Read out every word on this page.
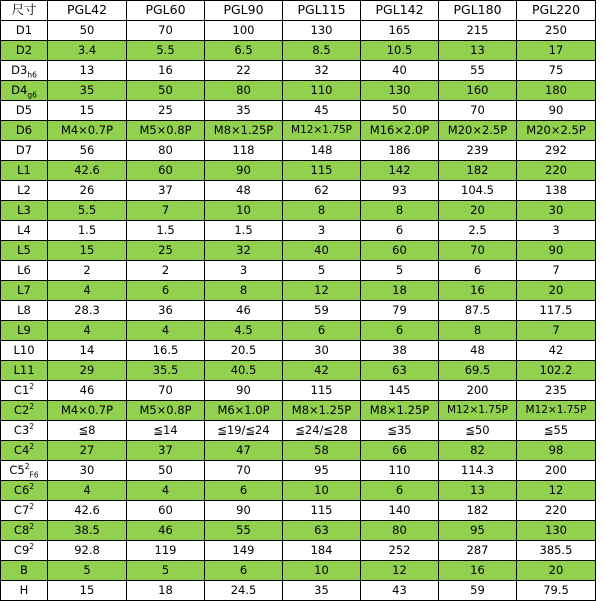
尺寸	PGL42	PGL60	PGL90	PGL115	PGL142	PGL180	PGL220
D1	50	70	100	130	165	215	250
D2	3.4	5.5	6.5	8.5	10.5	13	17
$D3_{h6}$	13	16	22	32	40	55	75
$D4_{g6}$	35	50	80	110	130	160	180
D5	15	25	35	45	50	70	90
D6	M4×0.7P	M5×0.8P	M8×1.25P	M12×1.75P	M16×2.0P	M20×2.5P	M20×2.5P
D7	56	80	118	148	186	239	292
L1	42.6	60	90	115	142	182	220
L2	26	37	48	62	93	104.5	138
L3	5.5	7	10	8	8	20	30
L4	1.5	1.5	1.5	3	6	2.5	3
L5	15	25	32	40	60	70	90
L6	2	2	3	5	5	6	7
L7	4	6	8	12	18	16	20
L8	28.3	36	46	59	79	87.5	117.5
L9	4	4	4.5	6	6	8	7
L10	14	16.5	20.5	30	38	48	42
L11	29	35.5	40.5	42	63	69.5	102.2
$C1^2$	46	70	90	115	145	200	235
$C2^2$	M4×0.7P	M5×0.8P	M6×1.0P	M8×1.25P	M8×1.25P	M12×1.75P	M12×1.75P
$C3^2$	≦8	≦14	≦19/≦24	≦24/≦28	≦35	≦50	≦55
$C4^2$	27	37	47	58	66	82	98
$C5^2_{F6}$	30	50	70	95	110	114.3	200
$C6^2$	4	4	6	10	6	13	12
$C7^2$	42.6	60	90	115	140	182	220
$C8^2$	38.5	46	55	63	80	95	130
$C9^2$	92.8	119	149	184	252	287	385.5
B	5	5	6	10	12	16	20
H	15	18	24.5	35	43	59	79.5
